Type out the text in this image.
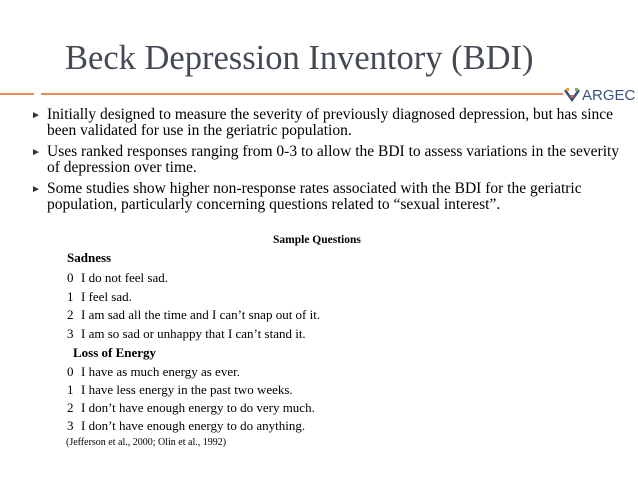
Beck Depression Inventory (BDI)
ARGEC
► Initially designed to measure the severity of previously diagnosed depression, but has since been validated for use in the geriatric population.
► Uses ranked responses ranging from 0-3 to allow the BDI to assess variations in the severity of depression over time.
► Some studies show higher non-response rates associated with the BDI for the geriatric population, particularly concerning questions related to “sexual interest”.
Sample Questions
Sadness
0 I do not feel sad.
1 I feel sad.
2 I am sad all the time and I can’t snap out of it.
3 I am so sad or unhappy that I can’t stand it.
Loss of Energy
0 I have as much energy as ever.
1 I have less energy in the past two weeks.
2 I don’t have enough energy to do very much.
3 I don’t have enough energy to do anything.
(Jefferson et al., 2000; Olin et al., 1992)
